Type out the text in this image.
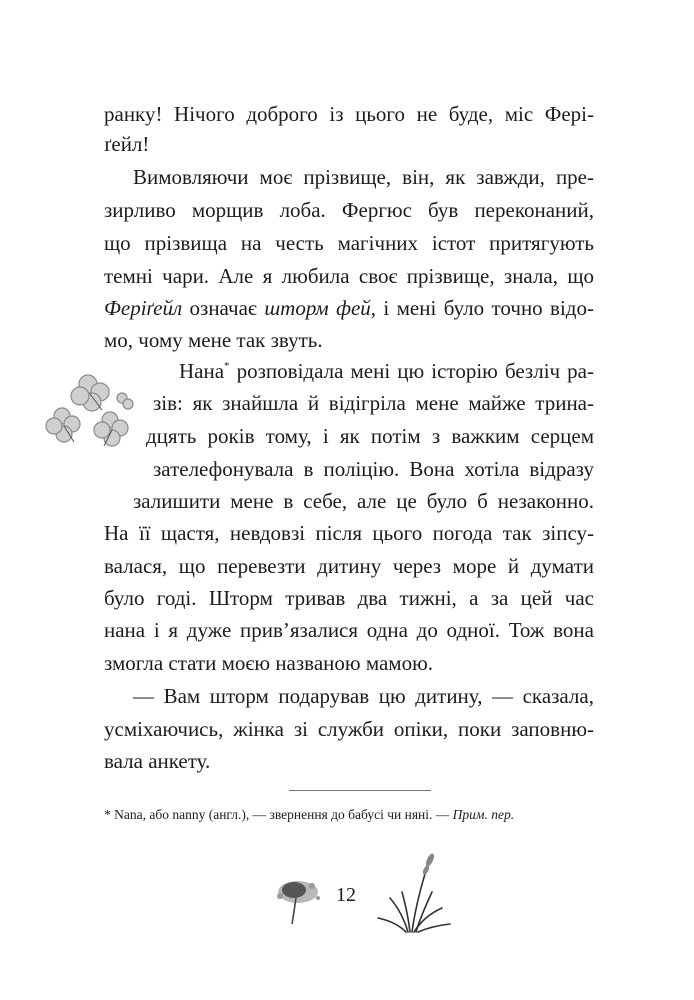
ранку! Нічого доброго із цього не буде, міс Фері-
ґейл!
Вимовляючи моє прізвище, він, як завжди, пре-
зирливо морщив лоба. Фергюс був переконаний,
що прізвища на честь магічних істот притягують
темні чари. Але я любила своє прізвище, знала, що
Феріґейл означає шторм фей, і мені було точно відо-
мо, чому мене так звуть.
Нана* розповідала мені цю історію безліч ра-
зів: як знайшла й відігріла мене майже трина-
дцять років тому, і як потім з важким серцем
зателефонувала в поліцію. Вона хотіла відразу
залишити мене в себе, але це було б незаконно.
На її щастя, невдовзі після цього погода так зіпсу-
валася, що перевезти дитину через море й думати
було годі. Шторм тривав два тижні, а за цей час
нана і я дуже прив’язалися одна до одної. Тож вона
змогла стати моєю названою мамою.
— Вам шторм подарував цю дитину, — сказала,
усміхаючись, жінка зі служби опіки, поки заповню-
вала анкету.
* Nana, або nanny (англ.), — звернення до бабусі чи няні. — Прим. пер.
12
